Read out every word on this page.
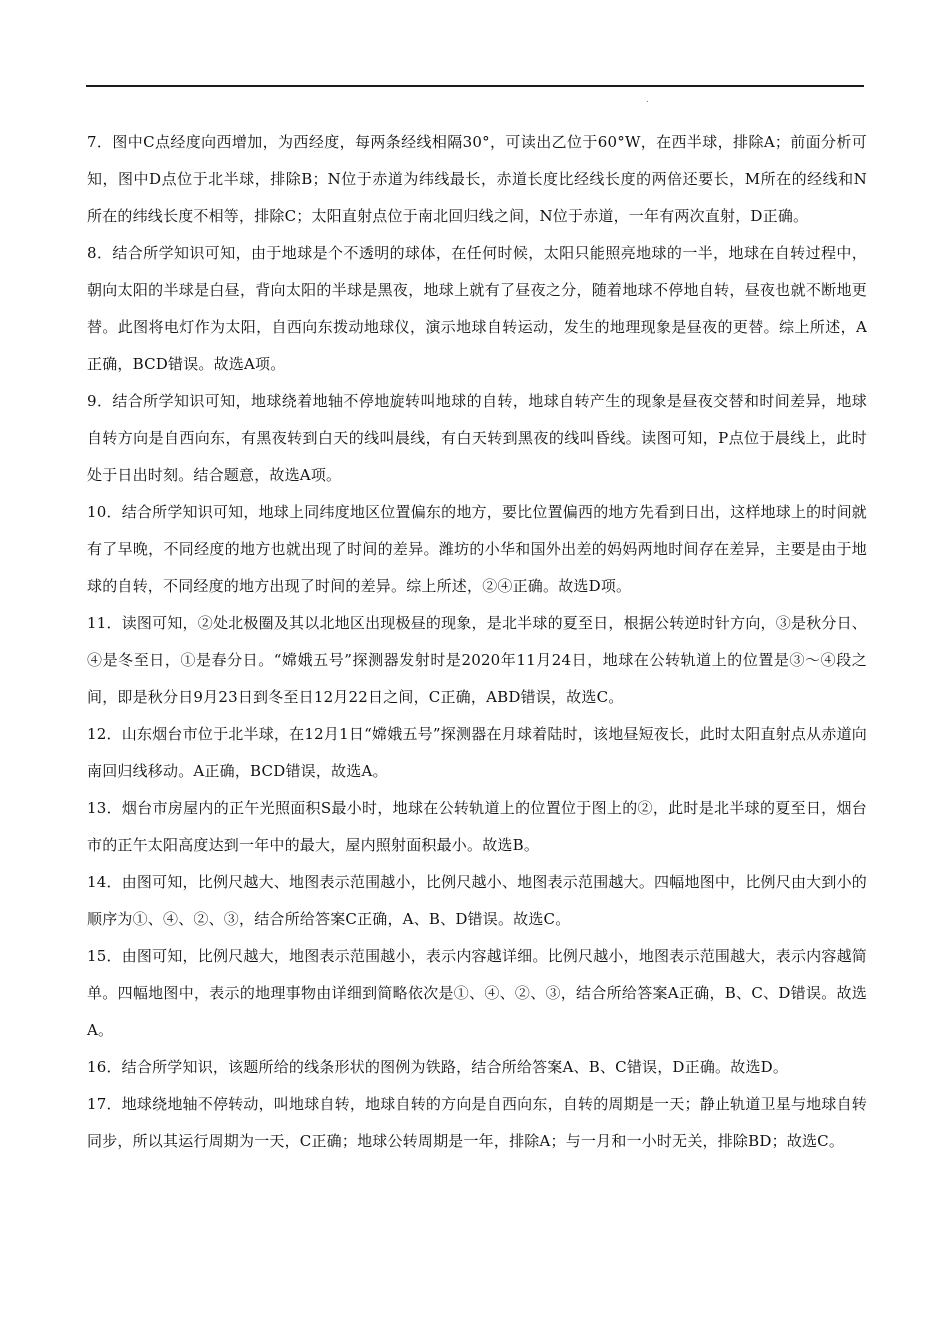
.

7．图中C点经度向西增加，为西经度，每两条经线相隔30°，可读出乙位于60°W，在西半球，排除A；前面分析可知，图中D点位于北半球，排除B；N位于赤道为纬线最长，赤道长度比经线长度的两倍还要长，M所在的经线和N所在的纬线长度不相等，排除C；太阳直射点位于南北回归线之间，N位于赤道，一年有两次直射，D正确。

8．结合所学知识可知，由于地球是个不透明的球体，在任何时候，太阳只能照亮地球的一半，地球在自转过程中，朝向太阳的半球是白昼，背向太阳的半球是黑夜，地球上就有了昼夜之分，随着地球不停地自转，昼夜也就不断地更替。此图将电灯作为太阳，自西向东拨动地球仪，演示地球自转运动，发生的地理现象是昼夜的更替。综上所述，A正确，BCD错误。故选A项。

9．结合所学知识可知，地球绕着地轴不停地旋转叫地球的自转，地球自转产生的现象是昼夜交替和时间差异，地球自转方向是自西向东，有黑夜转到白天的线叫晨线，有白天转到黑夜的线叫昏线。读图可知，P点位于晨线上，此时处于日出时刻。结合题意，故选A项。

10．结合所学知识可知，地球上同纬度地区位置偏东的地方，要比位置偏西的地方先看到日出，这样地球上的时间就有了早晚，不同经度的地方也就出现了时间的差异。潍坊的小华和国外出差的妈妈两地时间存在差异，主要是由于地球的自转，不同经度的地方出现了时间的差异。综上所述，②④正确。故选D项。

11．读图可知，②处北极圈及其以北地区出现极昼的现象，是北半球的夏至日，根据公转逆时针方向，③是秋分日、④是冬至日，①是春分日。“嫦娥五号”探测器发射时是2020年11月24日，地球在公转轨道上的位置是③～④段之间，即是秋分日9月23日到冬至日12月22日之间，C正确，ABD错误，故选C。

12．山东烟台市位于北半球，在12月1日“嫦娥五号”探测器在月球着陆时，该地昼短夜长，此时太阳直射点从赤道向南回归线移动。A正确，BCD错误，故选A。

13．烟台市房屋内的正午光照面积S最小时，地球在公转轨道上的位置位于图上的②，此时是北半球的夏至日，烟台市的正午太阳高度达到一年中的最大，屋内照射面积最小。故选B。

14．由图可知，比例尺越大、地图表示范围越小，比例尺越小、地图表示范围越大。四幅地图中，比例尺由大到小的顺序为①、④、②、③，结合所给答案C正确，A、B、D错误。故选C。

15．由图可知，比例尺越大，地图表示范围越小，表示内容越详细。比例尺越小，地图表示范围越大，表示内容越简单。四幅地图中，表示的地理事物由详细到简略依次是①、④、②、③，结合所给答案A正确，B、C、D错误。故选A。

16．结合所学知识，该题所给的线条形状的图例为铁路，结合所给答案A、B、C错误，D正确。故选D。

17．地球绕地轴不停转动，叫地球自转，地球自转的方向是自西向东，自转的周期是一天；静止轨道卫星与地球自转同步，所以其运行周期为一天，C正确；地球公转周期是一年，排除A；与一月和一小时无关，排除BD；故选C。
